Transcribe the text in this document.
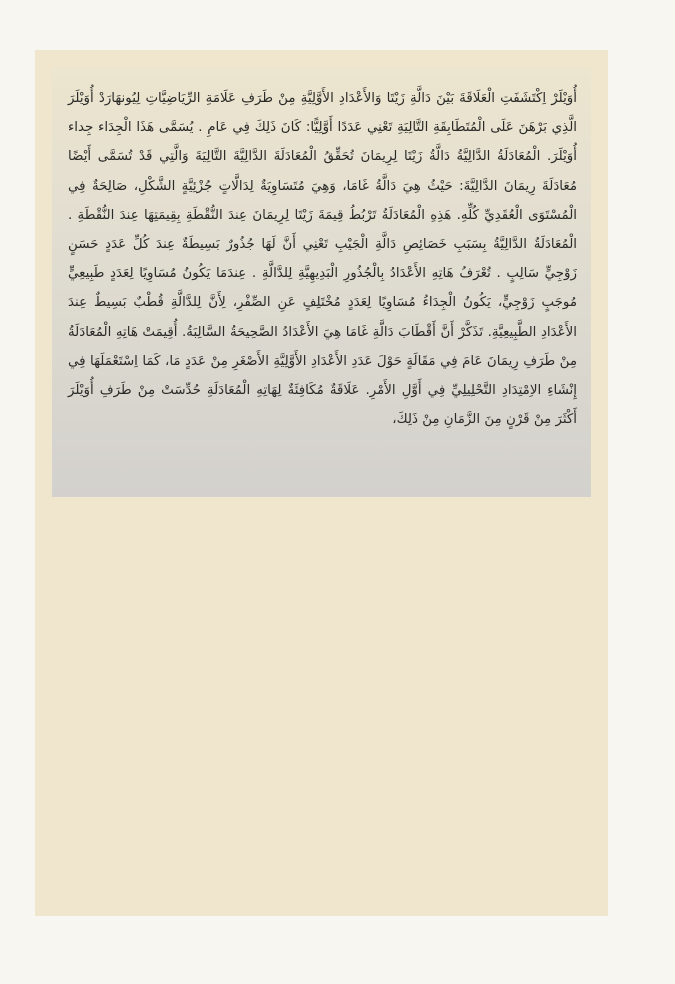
أُوَيْلَرْ اِكْتَشَفَتِ الْعَلَاقَةَ بَيْنَ دَالَّةِ زَيْتَا وَالأَعْدَادِ الأَوَّلِيَّةِ مِنْ طَرَفِ عَلَامَةِ الرِّيَاضِيَّاتِ لِيُونهَارَدْ أُوَيْلَرَ الَّذِي بَرْهَنَ عَلَى الْمُتَطَابِقَةِ التَّالِيَةِ تَعْنِي عَدَدًا أَوَّلِيًّا: كَانَ ذَلِكَ فِي عَامِ . يُسَمَّى هَذَا الْجِدَاء جِداء أُوَيْلَرَ. الْمُعَادَلَةُ الدَّالِيَّةُ دَالَّةُ زَيْتَا لِرِيمَانَ تُحَقِّقُ الْمُعَادَلَةَ الدَّالِيَّةَ التَّالِيَةَ وَالَّتِي قَدْ تُسَمَّى أَيْضًا مُعَادَلَةَ رِيمَانَ الدَّالِيَّةَ: حَيْثُ هِيَ دَالَّةُ غَامَا، وَهِيَ مُتَسَاوِيَةٌ لِدَالَّاتٍ جُزْئِيَّةٍ الشَّكْلِ، صَالِحَةٌ فِي الْمُسْتَوَى الْعُقَدِيِّ كُلِّهِ. هَذِهِ الْمُعَادَلَةُ تَرْبُطُ قِيمَةَ زَيْتَا لِرِيمَانَ عِندَ النُّقْطَةِ بِقِيمَتِهَا عِندَ النُّقْطَةِ . الْمُعَادَلَةُ الدَّالِيَّةُ بِسَبَبِ خَصَائِصِ دَالَّةِ الْجَيْبِ تَعْنِي أَنَّ لَهَا جُذُورٌ بَسِيطَةٌ عِندَ كُلِّ عَدَدٍ حَسَنٍ زَوْجِيٍّ سَالِبٍ . تُعْرَفُ هَاتِهِ الأَعْدَادُ بِالْجُذُورِ الْبَدِيهِيَّةِ لِلدَّالَّةِ . عِندَمَا يَكُونُ مُسَاوِيًا لِعَدَدٍ طَبِيعِيٍّ مُوجَبٍ زَوْجِيٍّ، يَكُونُ الْجِدَاءُ مُسَاوِيًا لِعَدَدٍ مُخْتَلِفٍ عَنِ الصِّفْرِ، لِأَنَّ لِلدَّالَّةِ قُطْبٌ بَسِيطٌ عِندَ الأَعْدَادِ الطَّبِيعِيَّةِ. تَذَكَّرْ أَنَّ أَقْطَابَ دَالَّةِ غَامَا هِيَ الأَعْدَادُ الصَّحِيحَةُ السَّالِبَةُ. أُقِيمَتْ هَاتِهِ الْمُعَادَلَةُ مِنْ طَرَفِ رِيمَانَ عَامَ فِي مَقَالَةٍ حَوْلَ عَدَدِ الأَعْدَادِ الأَوَّلِيَّةِ الأَصْغَرِ مِنْ عَدَدٍ مَا، كَمَا اِسْتَعْمَلَهَا فِي إِنْشَاءِ الاِمْتِدَادِ التَّحْلِيلِيِّ فِي أَوَّلِ الأَمْرِ. عَلَاقَةٌ مُكَافِئَةٌ لِهَاتِهِ الْمُعَادَلَةِ حُدِّسَتْ مِنْ طَرَفِ أُوَيْلَرَ أَكْثَرَ مِنْ قَرْنٍ مِنَ الزَّمَانِ مِنْ ذَلِكَ،
